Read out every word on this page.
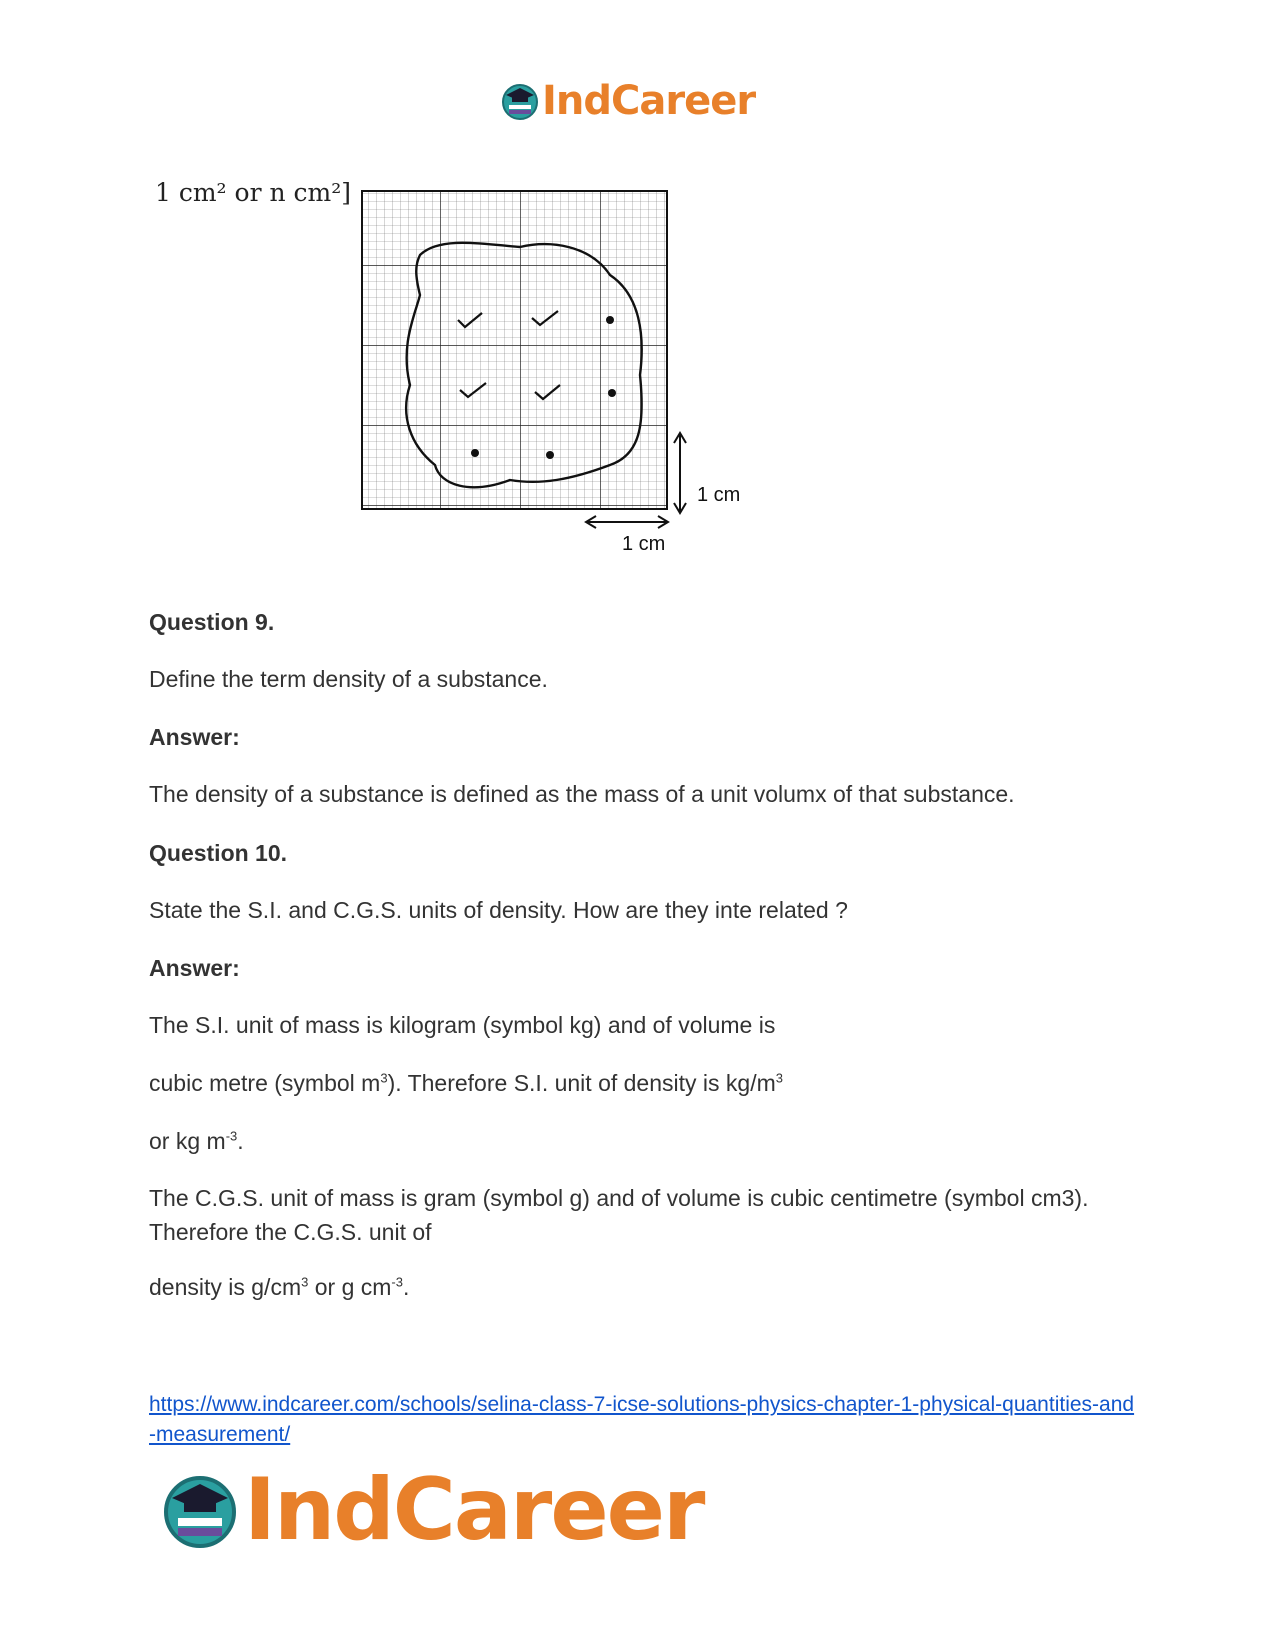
IndCareer
1 cm² or n cm²]
1 cm
1 cm

Question 9.

Define the term density of a substance.

Answer:

The density of a substance is defined as the mass of a unit volumx of that substance.

Question 10.

State the S.I. and C.G.S. units of density. How are they inte related ?

Answer:

The S.I. unit of mass is kilogram (symbol kg) and of volume is

cubic metre (symbol $m^3$). Therefore S.I. unit of density is $kg/m^3$

or kg $m^{-3}$.

The C.G.S. unit of mass is gram (symbol g) and of volume is cubic centimetre (symbol cm3). Therefore the C.G.S. unit of

density is $g/cm^3$ or g $cm^{-3}$.

https://www.indcareer.com/schools/selina-class-7-icse-solutions-physics-chapter-1-physical-quantities-and-measurement/
IndCareer
